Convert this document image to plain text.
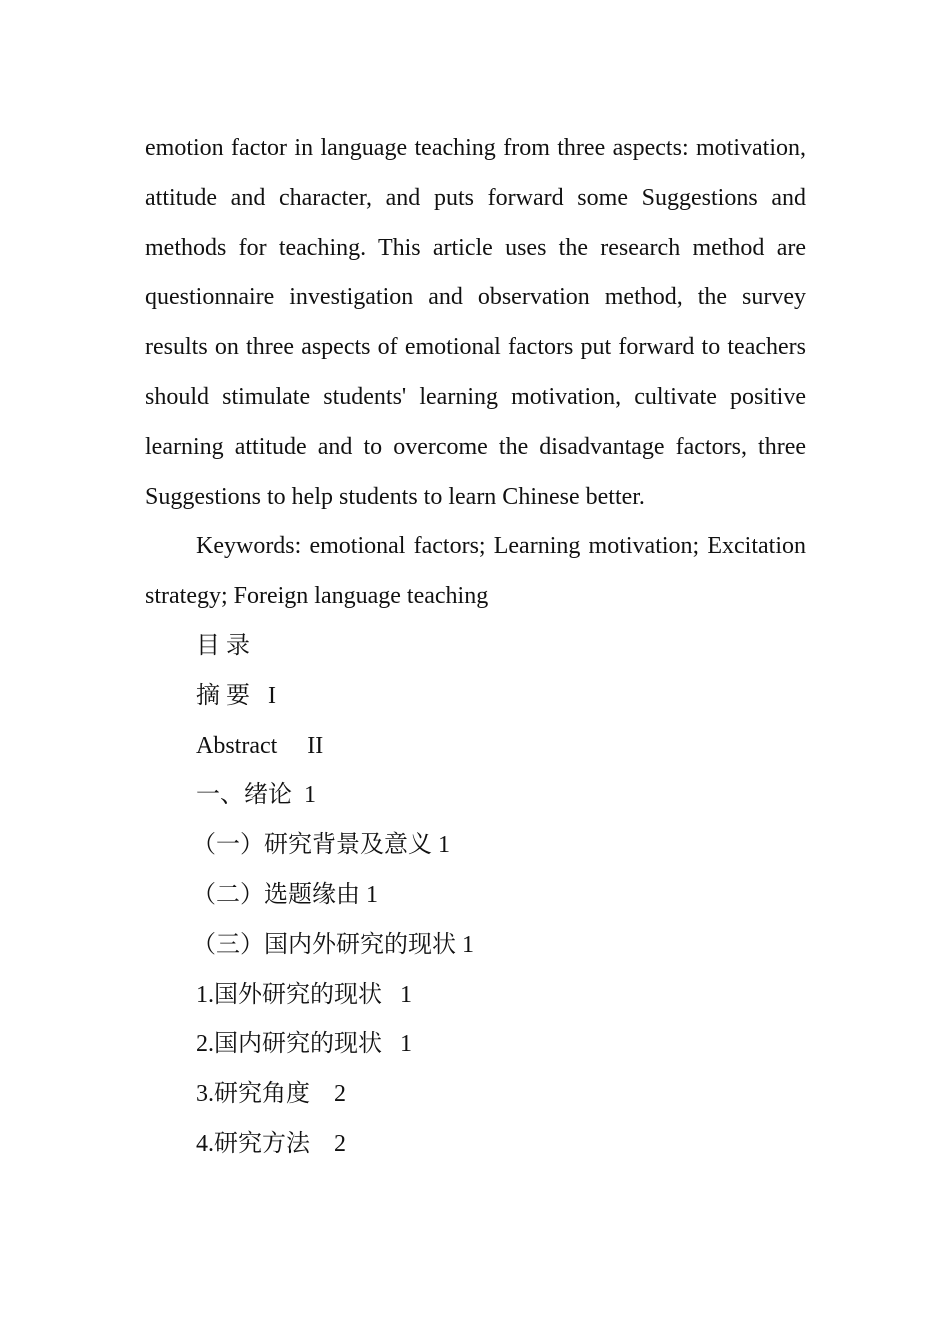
emotion factor in language teaching from three aspects: motivation, attitude and character, and puts forward some Suggestions and methods for teaching. This article uses the research method are questionnaire investigation and observation method, the survey results on three aspects of emotional factors put forward to teachers should stimulate students' learning motivation, cultivate positive learning attitude and to overcome the disadvantage factors, three Suggestions to help students to learn Chinese better.

Keywords: emotional factors; Learning motivation; Excitation strategy; Foreign language teaching

目 录
摘 要   I
Abstract     II
一、绪论  1
（一）研究背景及意义 1
（二）选题缘由 1
（三）国内外研究的现状 1
1.国外研究的现状   1
2.国内研究的现状   1
3.研究角度    2
4.研究方法    2
